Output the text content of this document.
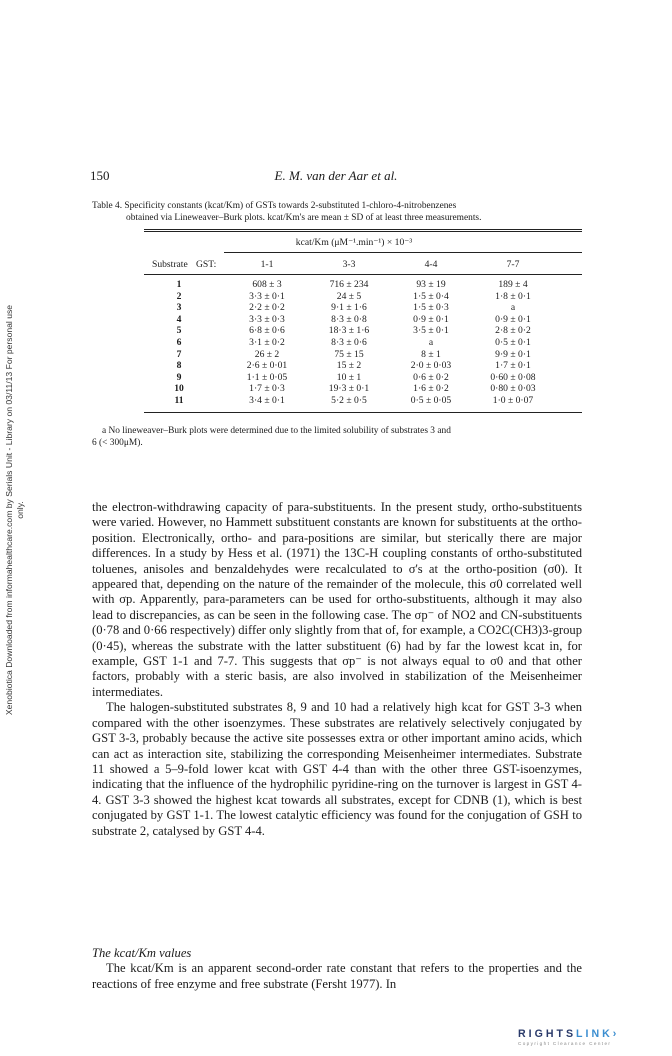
Xenobiotica Downloaded from informahealthcare.com by Serials Unit - Library on 03/11/13 For personal use only.
150	E. M. van der Aar et al.
Table 4. Specificity constants (kcat/Km) of GSTs towards 2-substituted 1-chloro-4-nitrobenzenes
obtained via Lineweaver–Burk plots. kcat/Km's are mean ± SD of at least three measurements.
kcat/Km (μM⁻¹.min⁻¹) × 10⁻³
Substrate GST:	1-1	3-3	4-4	7-7
1	608 ± 3	716 ± 234	93 ± 19	189 ± 4
2	3·3 ± 0·1	24 ± 5	1·5 ± 0·4	1·8 ± 0·1
3	2·2 ± 0·2	9·1 ± 1·6	1·5 ± 0·3	a
4	3·3 ± 0·3	8·3 ± 0·8	0·9 ± 0·1	0·9 ± 0·1
5	6·8 ± 0·6	18·3 ± 1·6	3·5 ± 0·1	2·8 ± 0·2
6	3·1 ± 0·2	8·3 ± 0·6	a	0·5 ± 0·1
7	26 ± 2	75 ± 15	8 ± 1	9·9 ± 0·1
8	2·6 ± 0·01	15 ± 2	2·0 ± 0·03	1·7 ± 0·1
9	1·1 ± 0·05	10 ± 1	0·6 ± 0·2	0·60 ± 0·08
10	1·7 ± 0·3	19·3 ± 0·1	1·6 ± 0·2	0·80 ± 0·03
11	3·4 ± 0·1	5·2 ± 0·5	0·5 ± 0·05	1·0 ± 0·07
a No lineweaver–Burk plots were determined due to the limited solubility of substrates 3 and
6 (< 300μM).

the electron-withdrawing capacity of para-substituents. In the present study, ortho-substituents were varied. However, no Hammett substituent constants are known for substituents at the ortho-position. Electronically, ortho- and para-positions are similar, but sterically there are major differences. In a study by Hess et al. (1971) the 13C-H coupling constants of ortho-substituted toluenes, anisoles and benzaldehydes were recalculated to σ's at the ortho-position (σ0). It appeared that, depending on the nature of the remainder of the molecule, this σ0 correlated well with σp. Apparently, para-parameters can be used for ortho-substituents, although it may also lead to discrepancies, as can be seen in the following case. The σp⁻ of NO2 and CN-substituents (0·78 and 0·66 respectively) differ only slightly from that of, for example, a CO2C(CH3)3-group (0·45), whereas the substrate with the latter substituent (6) had by far the lowest kcat in, for example, GST 1-1 and 7-7. This suggests that σp⁻ is not always equal to σ0 and that other factors, probably with a steric basis, are also involved in stabilization of the Meisenheimer intermediates.

The halogen-substituted substrates 8, 9 and 10 had a relatively high kcat for GST 3-3 when compared with the other isoenzymes. These substrates are relatively selectively conjugated by GST 3-3, probably because the active site possesses extra or other important amino acids, which can act as interaction site, stabilizing the corresponding Meisenheimer intermediates. Substrate 11 showed a 5–9-fold lower kcat with GST 4-4 than with the other three GST-isoenzymes, indicating that the influence of the hydrophilic pyridine-ring on the turnover is largest in GST 4-4. GST 3-3 showed the highest kcat towards all substrates, except for CDNB (1), which is best conjugated by GST 1-1. The lowest catalytic efficiency was found for the conjugation of GSH to substrate 2, catalysed by GST 4-4.

The kcat/Km values

The kcat/Km is an apparent second-order rate constant that refers to the properties and the reactions of free enzyme and free substrate (Fersht 1977). In

RIGHTSLINK›
Copyright Clearance Center
